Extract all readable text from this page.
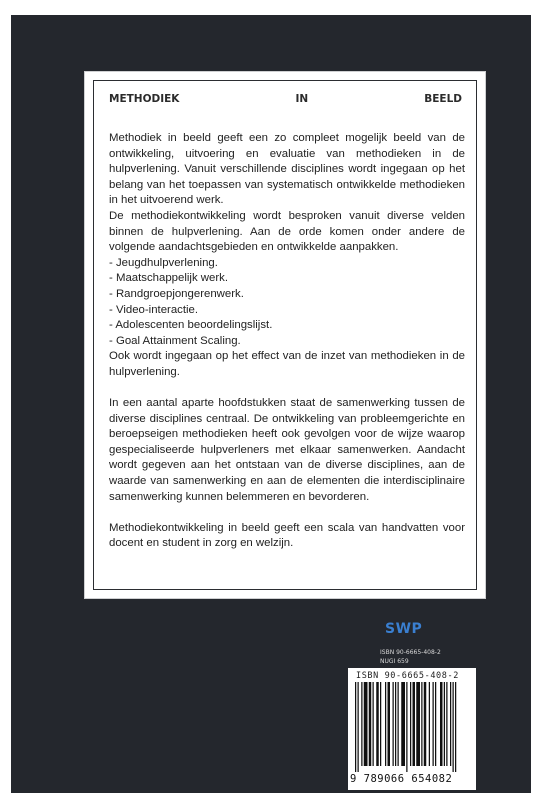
METHODIEK	IN	BEELD

Methodiek in beeld geeft een zo compleet mogelijk beeld van de ontwikkeling, uitvoering en evaluatie van methodieken in de hulpverlening. Vanuit verschillende disciplines wordt ingegaan op het belang van het toepassen van systematisch ontwikkelde methodieken in het uitvoerend werk.

De methodiekontwikkeling wordt besproken vanuit diverse velden binnen de hulpverlening. Aan de orde komen onder andere de volgende aandachtsgebieden en ontwikkelde aanpakken.

- Jeugdhulpverlening.
- Maatschappelijk werk.
- Randgroepjongerenwerk.
- Video-interactie.
- Adolescenten beoordelingslijst.
- Goal Attainment Scaling.

Ook wordt ingegaan op het effect van de inzet van methodieken in de hulpverlening.

In een aantal aparte hoofdstukken staat de samenwerking tussen de diverse disciplines centraal. De ontwikkeling van probleemgerichte en beroepseigen methodieken heeft ook gevolgen voor de wijze waarop gespecialiseerde hulpverleners met elkaar samenwerken. Aandacht wordt gegeven aan het ontstaan van de diverse disciplines, aan de waarde van samenwerking en aan de elementen die interdisciplinaire samenwerking kunnen belemmeren en bevorderen.

Methodiekontwikkeling in beeld geeft een scala van handvatten voor docent en student in zorg en welzijn.

SWP
ISBN 90-6665-408-2
NUGI 659
ISBN 90-6665-408-2
9 789066 654082
